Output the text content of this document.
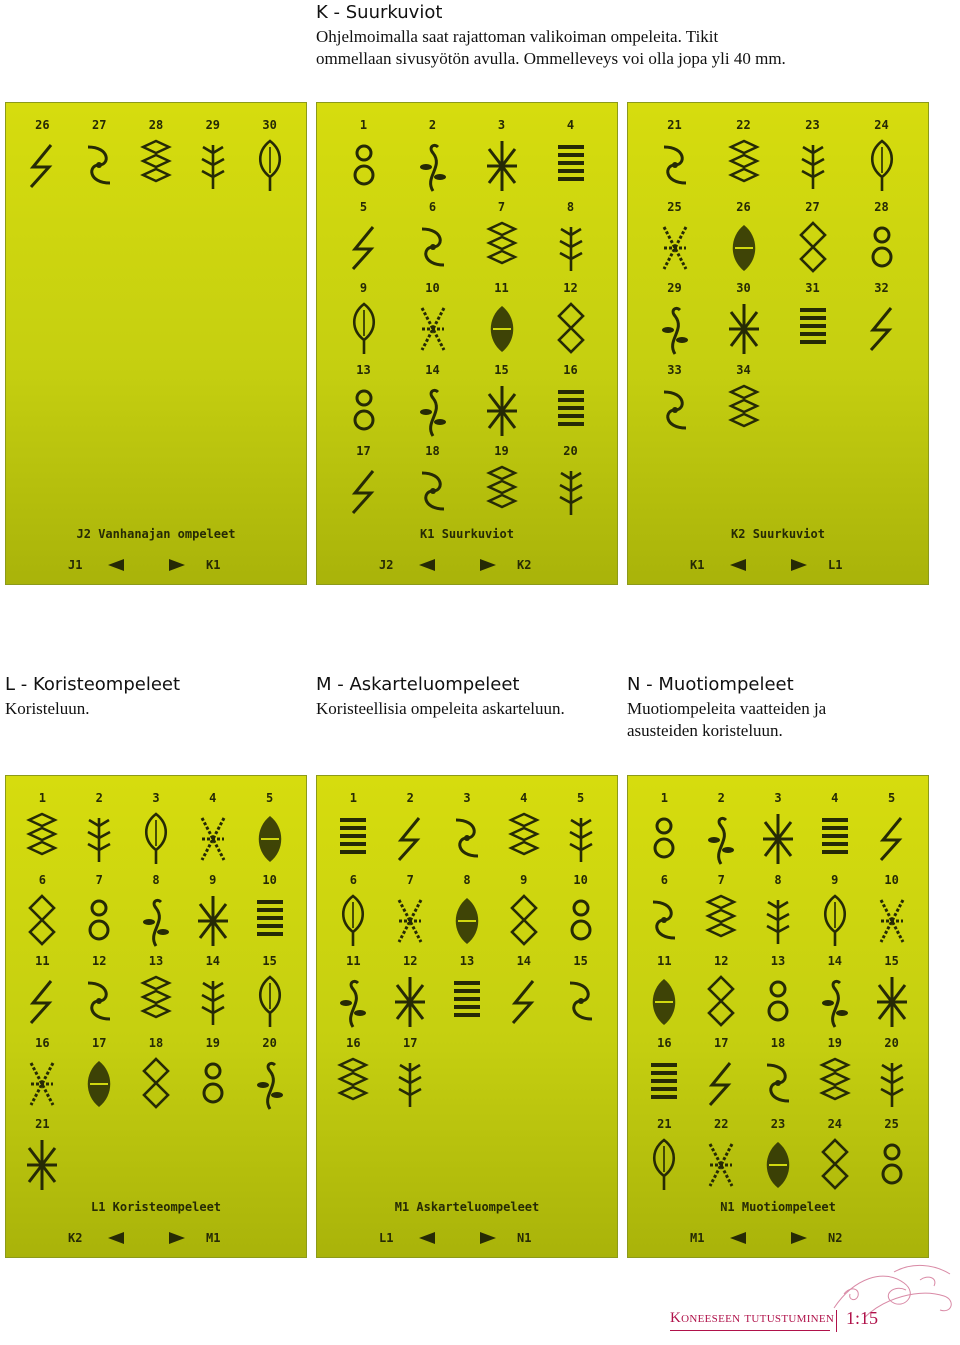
K - Suurkuviot
Ohjelmoimalla saat rajattoman valikoiman ompeleita. Tikit ommellaan sivusyötön avulla. Ommelleveys voi olla jopa yli 40 mm.
26	27	28	29	30
J2 Vanhanajan ompeleet
J1	K1
1	2	3	4
5	6	7	8
9	10	11	12
13	14	15	16
17	18	19	20
K1 Suurkuviot
J2	K2
21	22	23	24
25	26	27	28
29	30	31	32
33	34
K2 Suurkuviot
K1	L1
L - Koristeompeleet
Koristeluun.
M - Askarteluompeleet
Koristeellisia ompeleita askarteluun.
N - Muotiompeleet
Muotiompeleita vaatteiden ja asusteiden koristeluun.
1	2	3	4	5
6	7	8	9	10
11	12	13	14	15
16	17	18	19	20
21
L1 Koristeompeleet
K2	M1
1	2	3	4	5
6	7	8	9	10
11	12	13	14	15
16	17
M1 Askarteluompeleet
L1	N1
1	2	3	4	5
6	7	8	9	10
11	12	13	14	15
16	17	18	19	20
21	22	23	24	25
N1 Muotiompeleet
M1	N2
Koneeseen tutustuminen 1:15
